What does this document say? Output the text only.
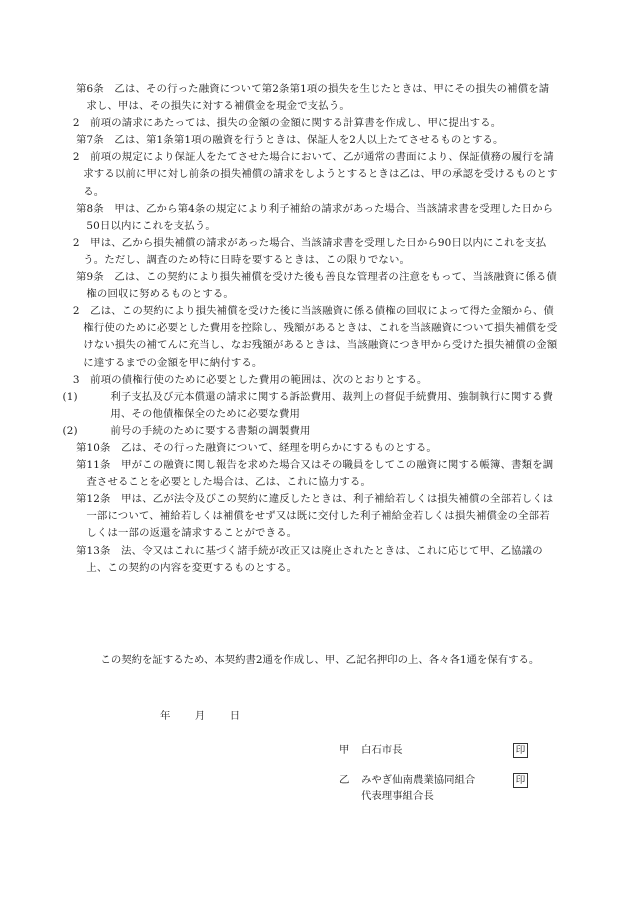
第6条　乙は、その行った融資について第2条第1項の損失を生じたときは、甲にその損失の補償を請求し、甲は、その損失に対する補償金を現金で支払う。

2　前項の請求にあたっては、損失の金額の金額に関する計算書を作成し、甲に提出する。

第7条　乙は、第1条第1項の融資を行うときは、保証人を2人以上たてさせるものとする。

2　前項の規定により保証人をたてさせた場合において、乙が通常の書面により、保証債務の履行を請求する以前に甲に対し前条の損失補償の請求をしようとするときは乙は、甲の承認を受けるものとする。

第8条　甲は、乙から第4条の規定により利子補給の請求があった場合、当該請求書を受理した日から50日以内にこれを支払う。

2　甲は、乙から損失補償の請求があった場合、当該請求書を受理した日から90日以内にこれを支払う。ただし、調査のため特に日時を要するときは、この限りでない。

第9条　乙は、この契約により損失補償を受けた後も善良な管理者の注意をもって、当該融資に係る債権の回収に努めるものとする。

2　乙は、この契約により損失補償を受けた後に当該融資に係る債権の回収によって得た金額から、債権行使のために必要とした費用を控除し、残額があるときは、これを当該融資について損失補償を受けない損失の補てんに充当し、なお残額があるときは、当該融資につき甲から受けた損失補償の金額に達するまでの金額を甲に納付する。

3　前項の債権行使のために必要とした費用の範囲は、次のとおりとする。

(1)	利子支払及び元本償還の請求に関する訴訟費用、裁判上の督促手続費用、強制執行に関する費用、その他債権保全のために必要な費用

(2)	前号の手続のために要する書類の調製費用

第10条　乙は、その行った融資について、経理を明らかにするものとする。

第11条　甲がこの融資に関し報告を求めた場合又はその職員をしてこの融資に関する帳簿、書類を調査させることを必要とした場合は、乙は、これに協力する。

第12条　甲は、乙が法令及びこの契約に違反したときは、利子補給若しくは損失補償の全部若しくは一部について、補給若しくは補償をせず又は既に交付した利子補給金若しくは損失補償金の全部若しくは一部の返還を請求することができる。

第13条　法、令又はこれに基づく諸手続が改正又は廃止されたときは、これに応じて甲、乙協議の上、この契約の内容を変更するものとする。

この契約を証するため、本契約書2通を作成し、甲、乙記名押印の上、各々各1通を保有する。
年 月 日
甲 白石市長	印
乙 みやぎ仙南農業協同組合
代表理事組合長
印
